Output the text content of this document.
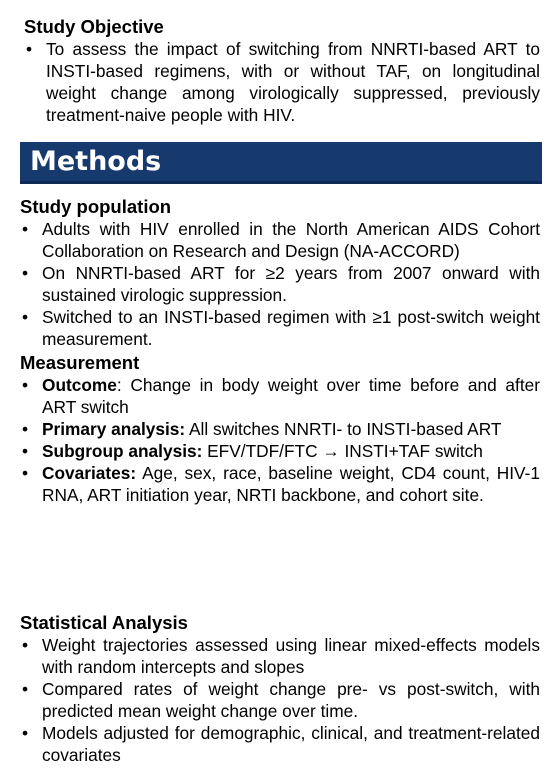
Study Objective
• To assess the impact of switching from NNRTI-based ART to INSTI-based regimens, with or without TAF, on longitudinal weight change among virologically suppressed, previously treatment-naive people with HIV.
Methods
Study population
• Adults with HIV enrolled in the North American AIDS Cohort Collaboration on Research and Design (NA-ACCORD)
• On NNRTI-based ART for ≥2 years from 2007 onward with sustained virologic suppression.
• Switched to an INSTI-based regimen with ≥1 post-switch weight measurement.
Measurement
• Outcome: Change in body weight over time before and after ART switch
• Primary analysis: All switches NNRTI- to INSTI-based ART
• Subgroup analysis: EFV/TDF/FTC → INSTI+TAF switch
• Covariates: Age, sex, race, baseline weight, CD4 count, HIV-1 RNA, ART initiation year, NRTI backbone, and cohort site.
Statistical Analysis
• Weight trajectories assessed using linear mixed-effects models with random intercepts and slopes
• Compared rates of weight change pre- vs post-switch, with predicted mean weight change over time.
• Models adjusted for demographic, clinical, and treatment-related covariates
